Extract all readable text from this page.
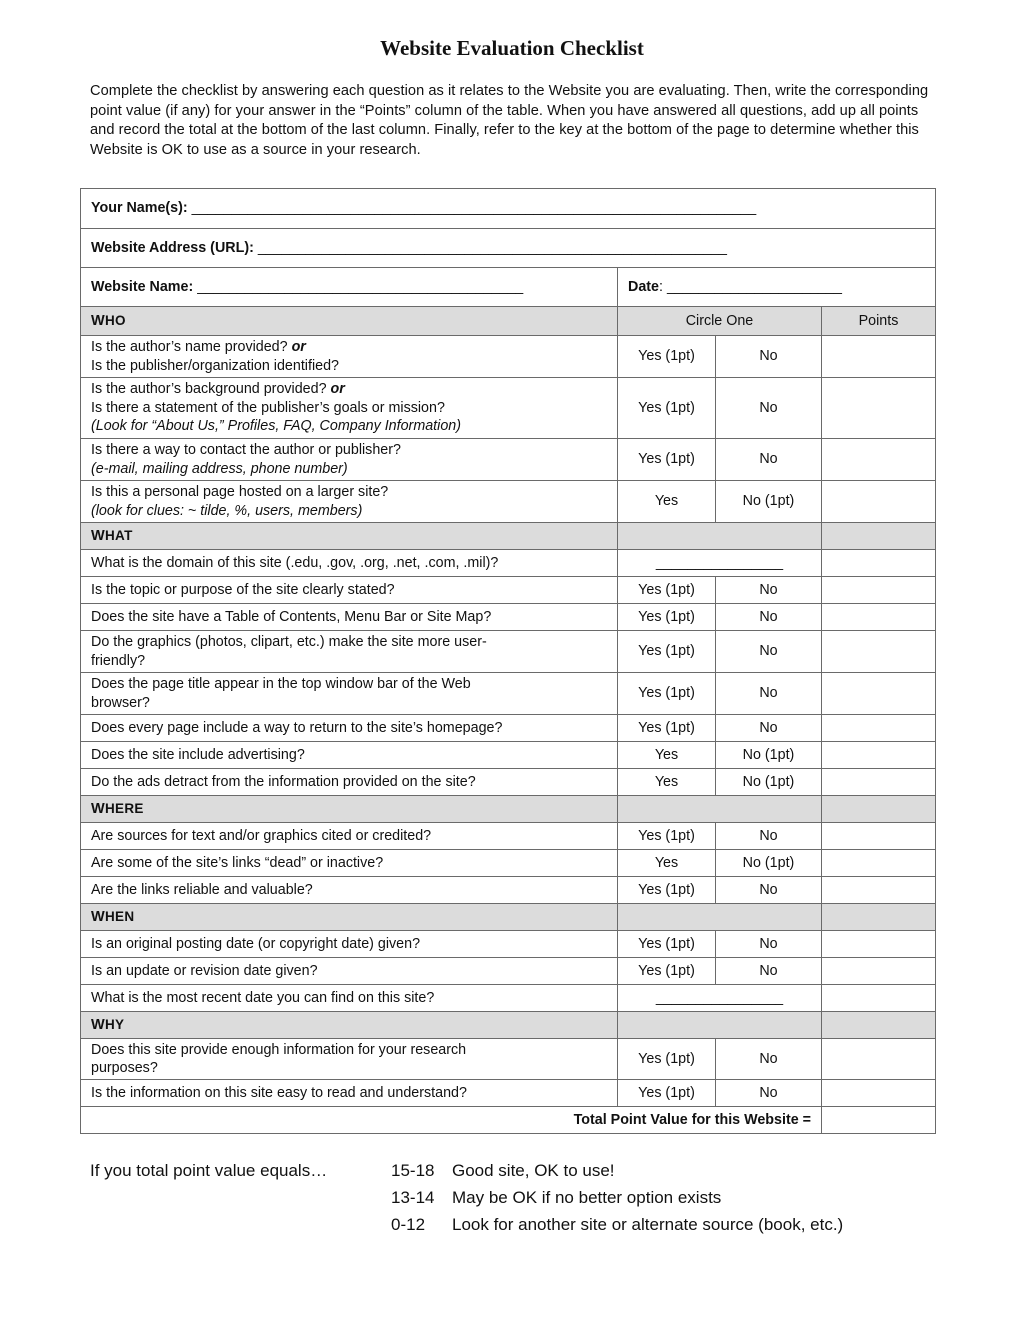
Website Evaluation Checklist

Complete the checklist by answering each question as it relates to the Website you are evaluating. Then, write the corresponding point value (if any) for your answer in the “Points” column of the table. When you have answered all questions, add up all points and record the total at the bottom of the last column. Finally, refer to the key at the bottom of the page to determine whether this Website is OK to use as a source in your research.

Your Name(s): _______________________________________________________________________			
Website Address (URL): ___________________________________________________________			
Website Name: _________________________________________	Date: ______________________		
WHO	Circle One		Points
Is the author’s name provided? or
Is the publisher/organization identified?	Yes (1pt)	No	
Is the author’s background provided? or
Is there a statement of the publisher’s goals or mission?
(Look for “About Us,” Profiles, FAQ, Company Information)	Yes (1pt)	No	
Is there a way to contact the author or publisher?
(e-mail, mailing address, phone number)	Yes (1pt)	No	
Is this a personal page hosted on a larger site?
(look for clues: ~ tilde, %, users, members)	Yes	No (1pt)	
WHAT			
What is the domain of this site (.edu, .gov, .org, .net, .com, .mil)?	________________		
Is the topic or purpose of the site clearly stated?	Yes (1pt)	No	
Does the site have a Table of Contents, Menu Bar or Site Map?	Yes (1pt)	No	
Do the graphics (photos, clipart, etc.) make the site more user-
friendly?	Yes (1pt)	No	
Does the page title appear in the top window bar of the Web
browser?	Yes (1pt)	No	
Does every page include a way to return to the site’s homepage?	Yes (1pt)	No	
Does the site include advertising?	Yes	No (1pt)	
Do the ads detract from the information provided on the site?	Yes	No (1pt)	
WHERE			
Are sources for text and/or graphics cited or credited?	Yes (1pt)	No	
Are some of the site’s links “dead” or inactive?	Yes	No (1pt)	
Are the links reliable and valuable?	Yes (1pt)	No	
WHEN			
Is an original posting date (or copyright date) given?	Yes (1pt)	No	
Is an update or revision date given?	Yes (1pt)	No	
What is the most recent date you can find on this site?	________________		
WHY			
Does this site provide enough information for your research
purposes?	Yes (1pt)	No	
Is the information on this site easy to read and understand?	Yes (1pt)	No	
Total Point Value for this Website =			
If you total point value equals…	15-18 Good site, OK to use!
13-14 May be OK if no better option exists
0-12 Look for another site or alternate source (book, etc.)
